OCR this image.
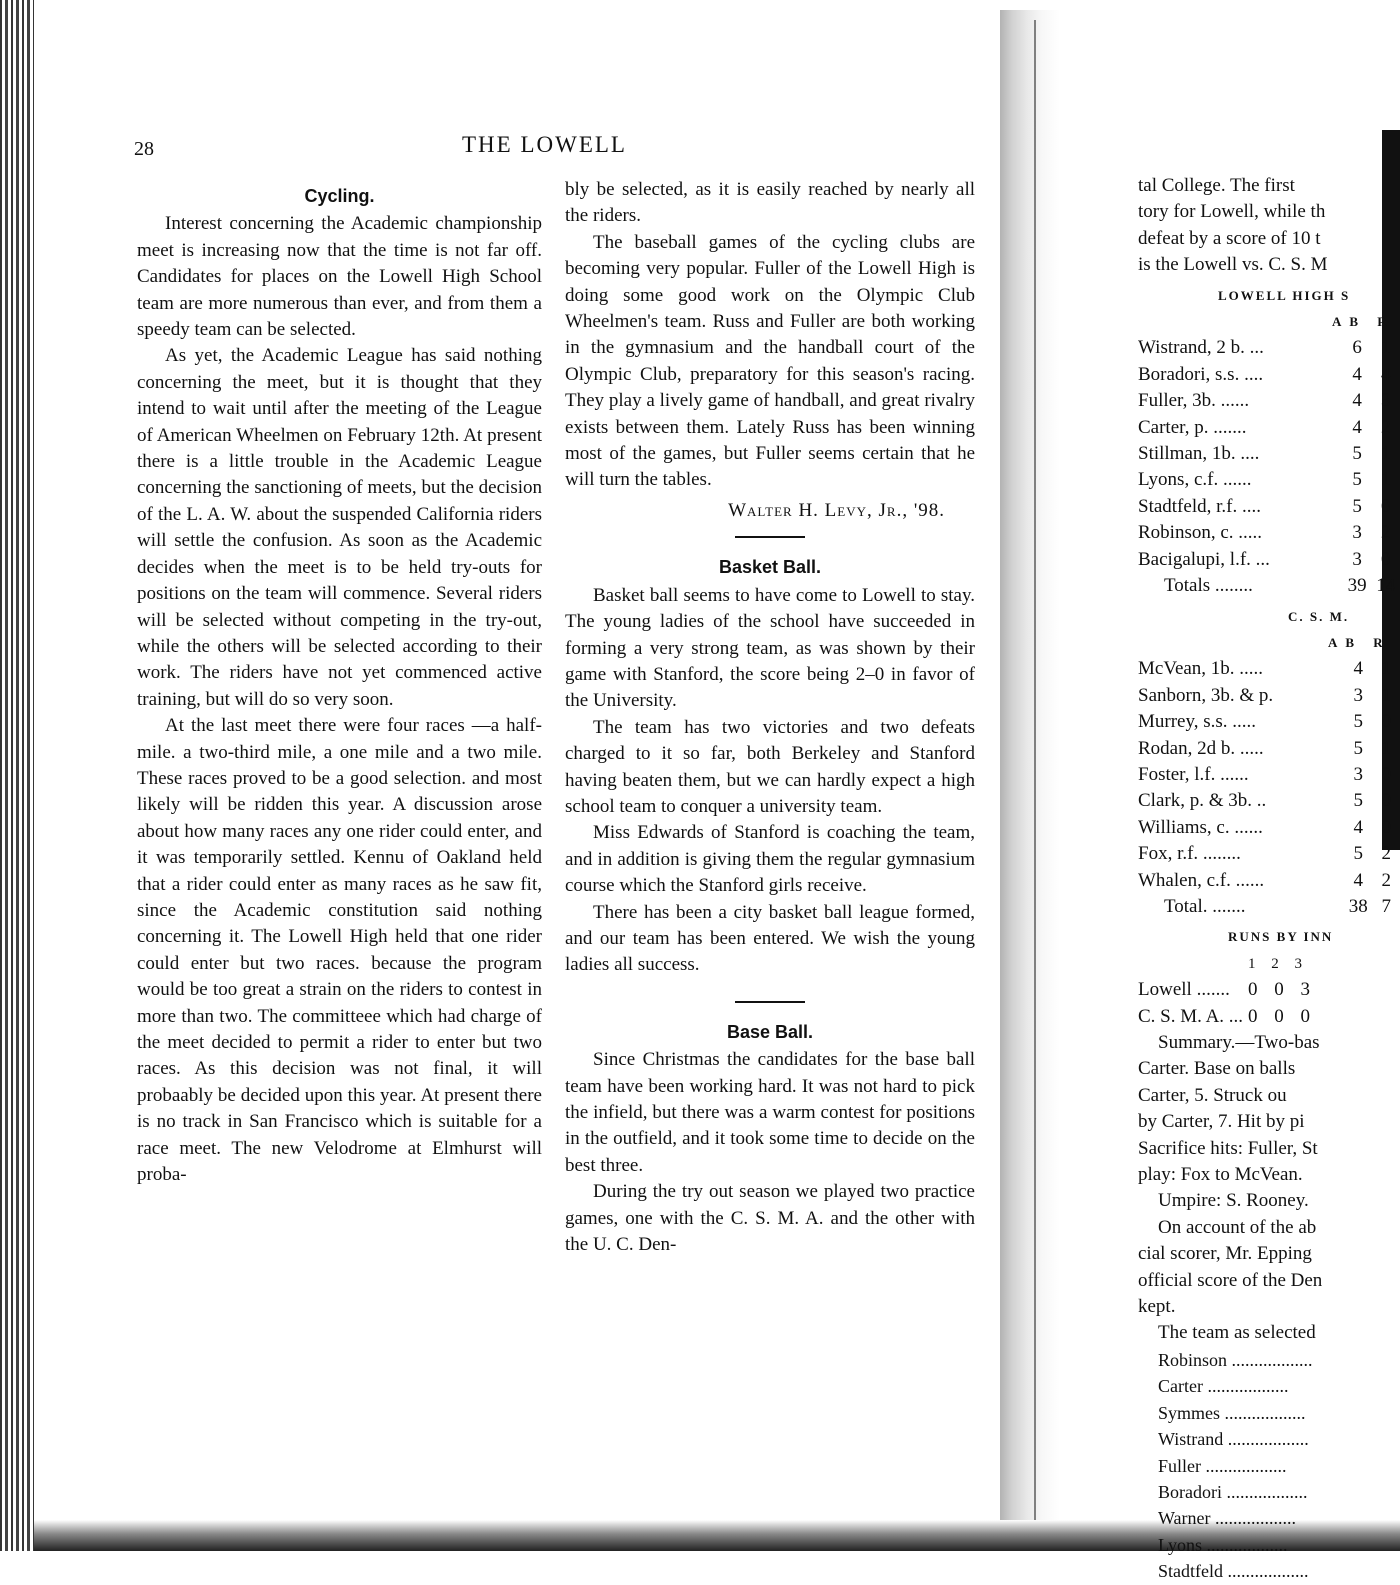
28	THE LOWELL
Cycling.

Interest concerning the Academic championship meet is increasing now that the time is not far off. Candidates for places on the Lowell High School team are more numerous than ever, and from them a speedy team can be selected.

As yet, the Academic League has said nothing concerning the meet, but it is thought that they intend to wait until after the meeting of the League of American Wheelmen on February 12th. At present there is a little trouble in the Academic League concerning the sanctioning of meets, but the decision of the L. A. W. about the suspended California riders will settle the confusion. As soon as the Academic decides when the meet is to be held try-outs for positions on the team will commence. Several riders will be selected without competing in the try-out, while the others will be selected according to their work. The riders have not yet commenced active training, but will do so very soon.

At the last meet there were four races —a half-mile. a two-third mile, a one mile and a two mile. These races proved to be a good selection. and most likely will be ridden this year. A discussion arose about how many races any one rider could enter, and it was temporarily settled. Kennu of Oakland held that a rider could enter as many races as he saw fit, since the Academic constitution said nothing concerning it. The Lowell High held that one rider could enter but two races. because the program would be too great a strain on the riders to contest in more than two. The committeee which had charge of the meet decided to permit a rider to enter but two races. As this decision was not final, it will probaably be decided upon this year. At present there is no track in San Francisco which is suitable for a race meet. The new Velodrome at Elmhurst will proba-

bly be selected, as it is easily reached by nearly all the riders.

The baseball games of the cycling clubs are becoming very popular. Fuller of the Lowell High is doing some good work on the Olympic Club Wheelmen's team. Russ and Fuller are both working in the gymnasium and the handball court of the Olympic Club, preparatory for this season's racing. They play a lively game of handball, and great rivalry exists between them. Lately Russ has been winning most of the games, but Fuller seems certain that he will turn the tables.

Walter H. Levy, Jr., '98.
Basket Ball.

Basket ball seems to have come to Lowell to stay. The young ladies of the school have succeeded in forming a very strong team, as was shown by their game with Stanford, the score being 2–0 in favor of the University.

The team has two victories and two defeats charged to it so far, both Berkeley and Stanford having beaten them, but we can hardly expect a high school team to conquer a university team.

Miss Edwards of Stanford is coaching the team, and in addition is giving them the regular gymnasium course which the Stanford girls receive.

There has been a city basket ball league formed, and our team has been entered. We wish the young ladies all success.

Base Ball.

Since Christmas the candidates for the base ball team have been working hard. It was not hard to pick the infield, but there was a warm contest for positions in the outfield, and it took some time to decide on the best three.

During the try out season we played two practice games, one with the C. S. M. A. and the other with the U. C. Den-

tal College. The first
tory for Lowell, while th
defeat by a score of 10 t
is the Lowell vs. C. S. M
LOWELL HIGH S
AB R
Wistrand, 2 b. ...	6	1
Boradori, s.s. ....	4	4
Fuller, 3b. ......	4	3
Carter, p. .......	4	2
Stillman, 1b. ....	5	1
Lyons, c.f. ......	5	1
Stadtfeld, r.f. ....	5	0
Robinson, c. .....	3	2
Bacigalupi, l.f. ...	3	0
Totals ........	39	14
C. S. M.
AB R
McVean, 1b. .....	4	1
Sanborn, 3b. & p.	3	1
Murrey, s.s. .....	5	0
Rodan, 2d b. .....	5	1
Foster, l.f. ......	3	0
Clark, p. & 3b. ..	5	0
Williams, c. ......	4	0
Fox, r.f. ........	5	2
Whalen, c.f. ......	4	2
Total. .......	38	7
RUNS BY INN
1 2 3
Lowell .......	0 0 3
C. S. M. A. ...	0 0 0
Summary.—Two-bas
Carter. Base on balls
Carter, 5. Struck ou
by Carter, 7. Hit by pi
Sacrifice hits: Fuller, St
play: Fox to McVean.
Umpire: S. Rooney.
On account of the ab
cial scorer, Mr. Epping
official score of the Den
kept.
The team as selected
Robinson ..................
Carter ..................
Symmes ..................
Wistrand ..................
Fuller ..................
Boradori ..................
Warner ..................
Lyons ..................
Stadtfeld ..................
